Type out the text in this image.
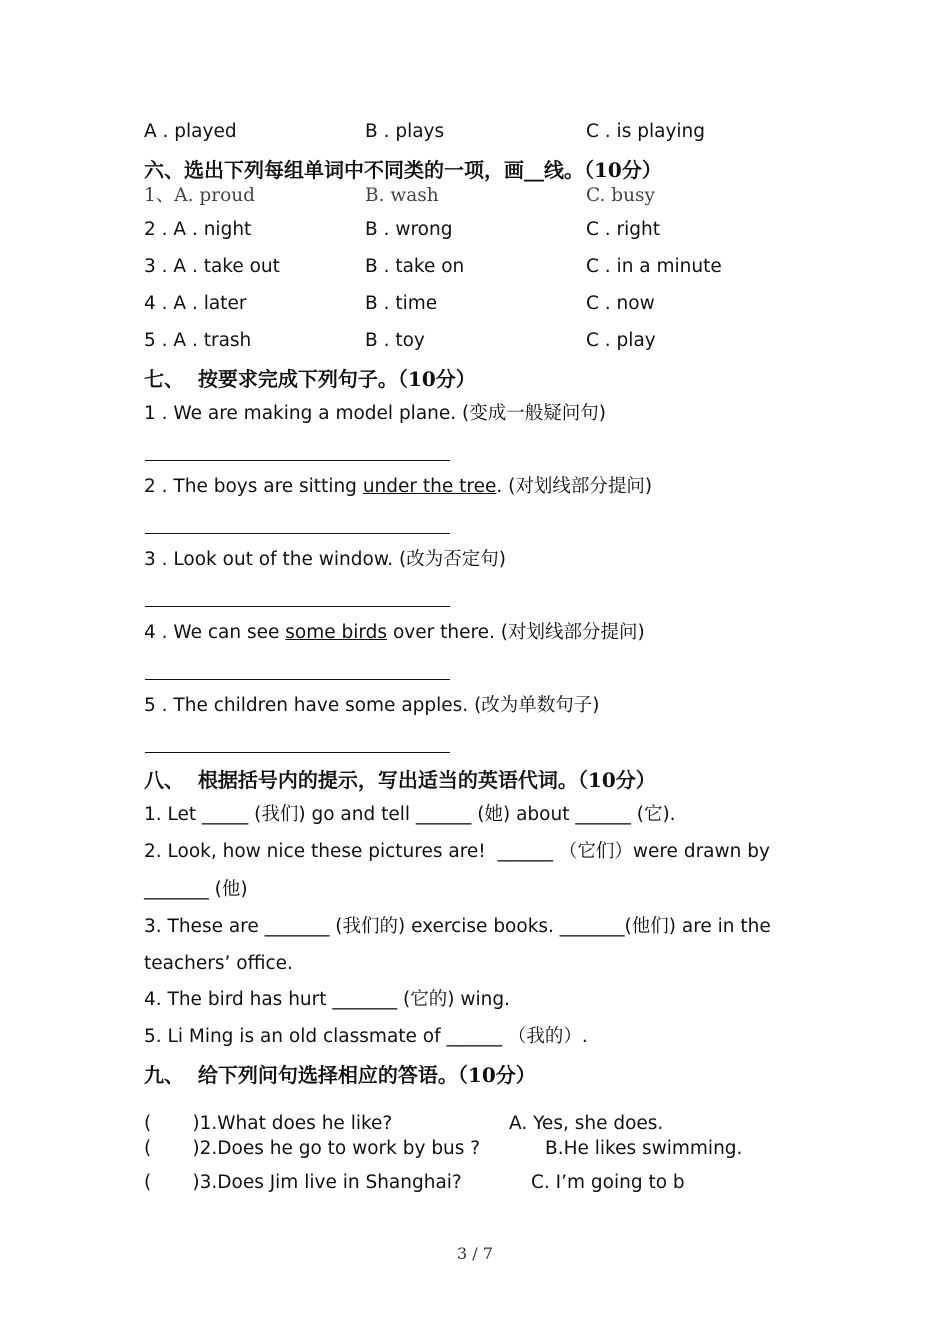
A . played	B . plays	C . is playing
六、选出下列每组单词中不同类的一项，画__线。（10分）
1、A. proud	B. wash	C. busy
2 . A . night	B . wrong	C . right
3 . A . take out	B . take on	C . in a minute
4 . A . later	B . time	C . now
5 . A . trash	B . toy	C . play
七、  按要求完成下列句子。（10分）
1 . We are making a model plane. (变成一般疑问句)
2 . The boys are sitting under the tree. (对划线部分提问)
3 . Look out of the window. (改为否定句)
4 . We can see some birds over there. (对划线部分提问)
5 . The children have some apples. (改为单数句子)
八、  根据括号内的提示，写出适当的英语代词。（10分）
1. Let _____ (我们) go and tell ______ (她) about ______ (它).
2. Look, how nice these pictures are!  ______ （它们）were drawn by
_______ (他)
3. These are _______ (我们的) exercise books. _______(他们) are in the
teachers’ office.
4. The bird has hurt _______ (它的) wing.
5. Li Ming is an old classmate of ______ （我的）.
九、  给下列问句选择相应的答语。（10分）
(       )1.What does he like?	A. Yes, she does.
(       )2.Does he go to work by bus ?	B.He likes swimming.
(       )3.Does Jim live in Shanghai?	C. I’m going to b
3 / 7
